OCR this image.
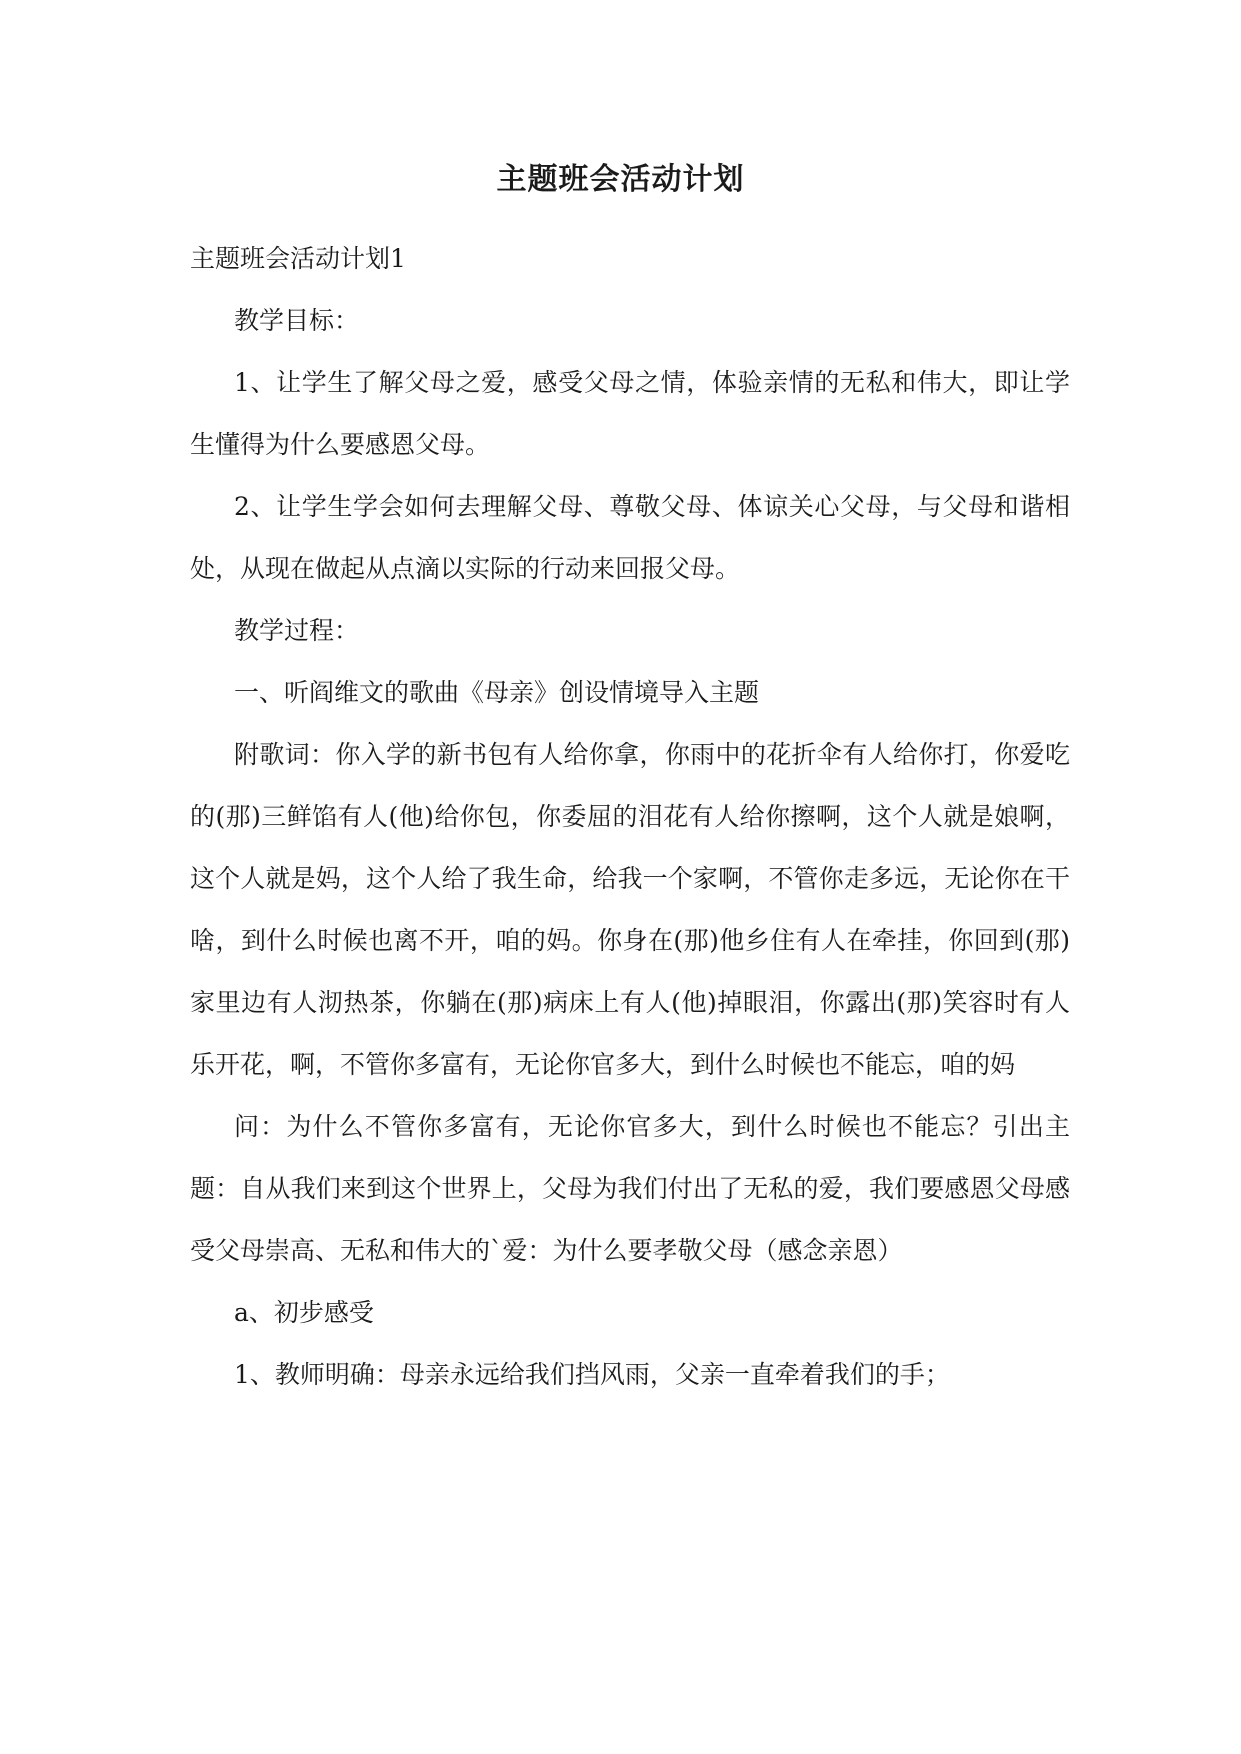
主题班会活动计划

主题班会活动计划1

教学目标：

1、让学生了解父母之爱，感受父母之情，体验亲情的无私和伟大，即让学生懂得为什么要感恩父母。

2、让学生学会如何去理解父母、尊敬父母、体谅关心父母，与父母和谐相处，从现在做起从点滴以实际的行动来回报父母。

教学过程：

一、听阎维文的歌曲《母亲》创设情境导入主题

附歌词：你入学的新书包有人给你拿，你雨中的花折伞有人给你打，你爱吃的(那)三鲜馅有人(他)给你包，你委屈的泪花有人给你擦啊，这个人就是娘啊，这个人就是妈，这个人给了我生命，给我一个家啊，不管你走多远，无论你在干啥，到什么时候也离不开，咱的妈。你身在(那)他乡住有人在牵挂，你回到(那)家里边有人沏热茶，你躺在(那)病床上有人(他)掉眼泪，你露出(那)笑容时有人乐开花，啊，不管你多富有，无论你官多大，到什么时候也不能忘，咱的妈

问：为什么不管你多富有，无论你官多大，到什么时候也不能忘？引出主题：自从我们来到这个世界上，父母为我们付出了无私的爱，我们要感恩父母感受父母崇高、无私和伟大的`爱：为什么要孝敬父母（感念亲恩）

a、初步感受

1、教师明确：母亲永远给我们挡风雨，父亲一直牵着我们的手；
